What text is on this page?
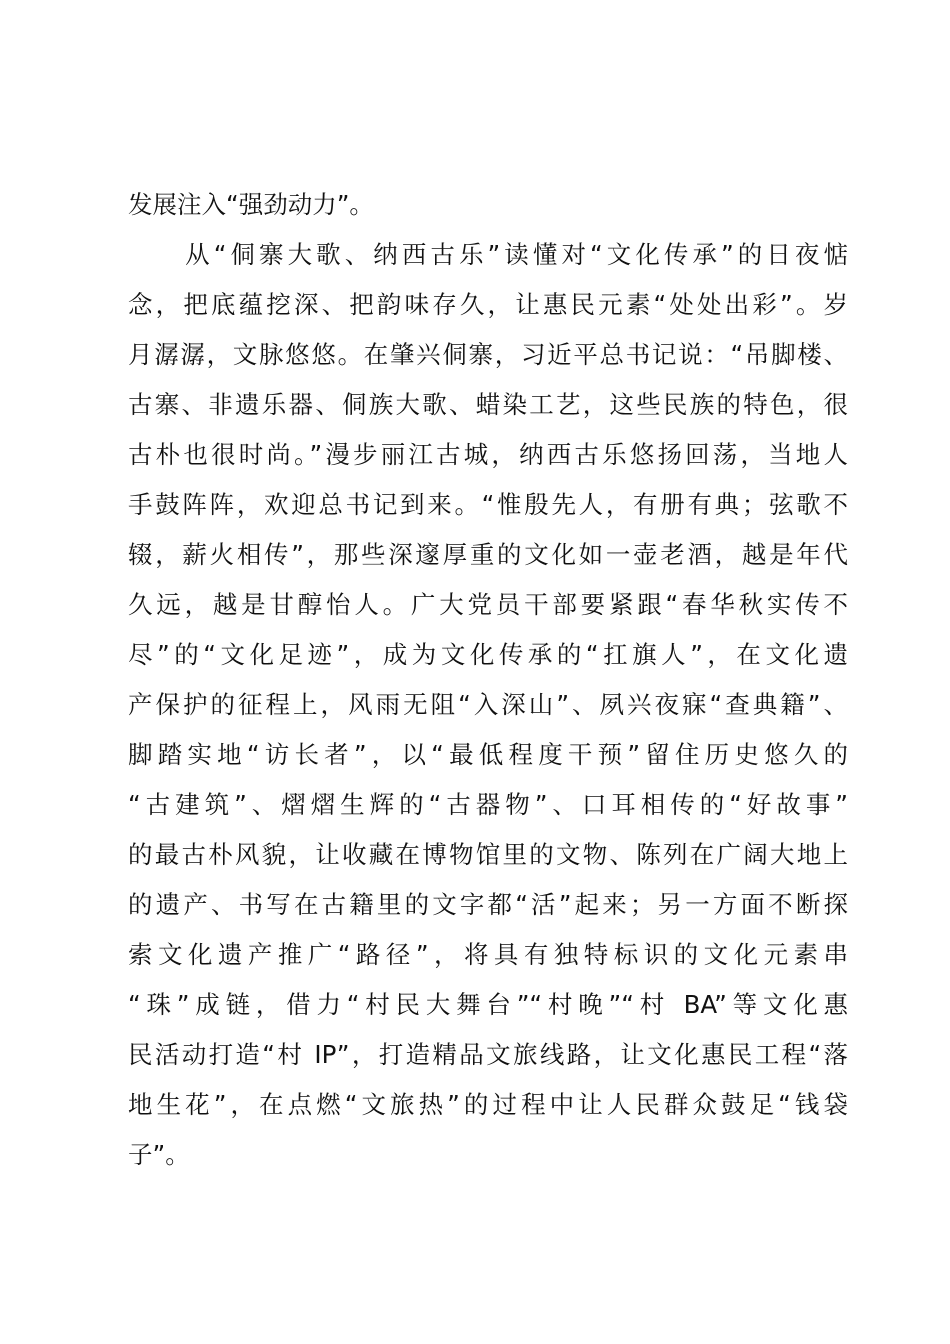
发展注入“强劲动力”。
　　从“侗寨大歌、纳西古乐”读懂对“文化传承”的日夜惦
念，把底蕴挖深、把韵味存久，让惠民元素“处处出彩”。岁
月潺潺，文脉悠悠。在肇兴侗寨，习近平总书记说：“吊脚楼、
古寨、非遗乐器、侗族大歌、蜡染工艺，这些民族的特色，很
古朴也很时尚。”漫步丽江古城，纳西古乐悠扬回荡，当地人
手鼓阵阵，欢迎总书记到来。“惟殷先人，有册有典；弦歌不
辍，薪火相传”，那些深邃厚重的文化如一壶老酒，越是年代
久远，越是甘醇怡人。广大党员干部要紧跟“春华秋实传不
尽”的“文化足迹”，成为文化传承的“扛旗人”，在文化遗
产保护的征程上，风雨无阻“入深山”、夙兴夜寐“查典籍”、
脚踏实地“访长者”，以“最低程度干预”留住历史悠久的
“古建筑”、熠熠生辉的“古器物”、口耳相传的“好故事”
的最古朴风貌，让收藏在博物馆里的文物、陈列在广阔大地上
的遗产、书写在古籍里的文字都“活”起来；另一方面不断探
索文化遗产推广“路径”，将具有独特标识的文化元素串
“珠”成链，借力“村民大舞台”“村晚”“村 BA”等文化惠
民活动打造“村 IP”，打造精品文旅线路，让文化惠民工程“落
地生花”，在点燃“文旅热”的过程中让人民群众鼓足“钱袋
子”。
